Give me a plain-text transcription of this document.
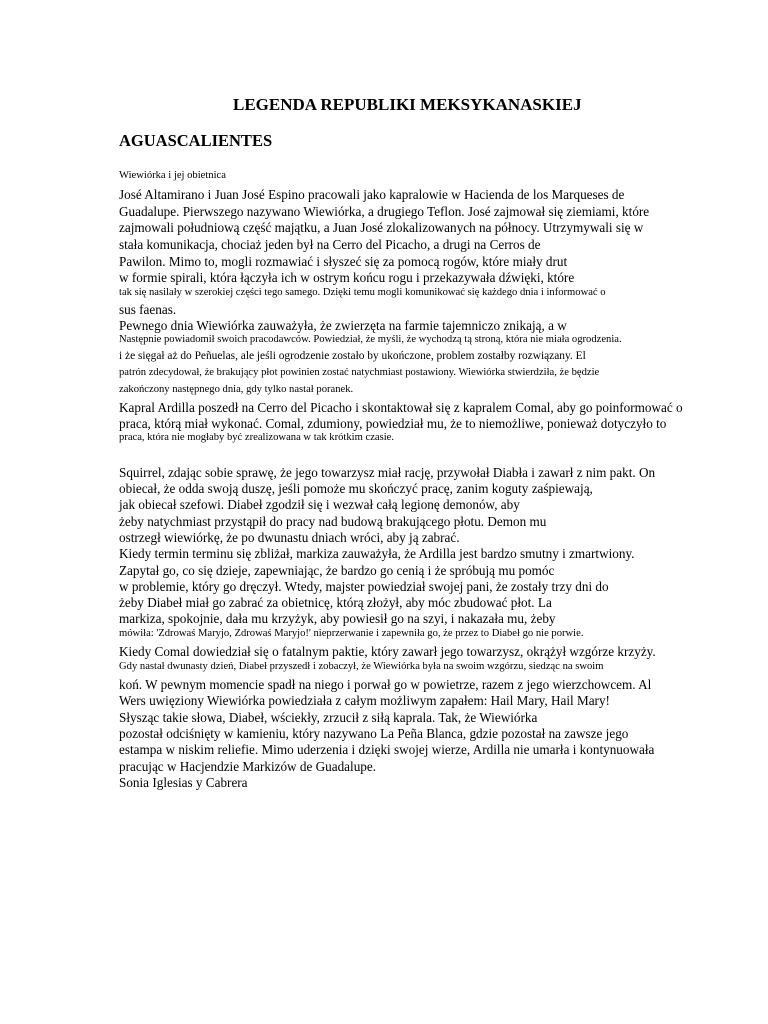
LEGENDA REPUBLIKI MEKSYKANASKIEJ
AGUASCALIENTES
Wiewiórka i jej obietnica
José Altamirano i Juan José Espino pracowali jako kapralowie w Hacienda de los Marqueses de
Guadalupe. Pierwszego nazywano Wiewiórka, a drugiego Teflon. José zajmował się ziemiami, które
zajmowali południową część majątku, a Juan José zlokalizowanych na północy. Utrzymywali się w
stała komunikacja, chociaż jeden był na Cerro del Picacho, a drugi na Cerros de
Pawilon. Mimo to, mogli rozmawiać i słyszeć się za pomocą rogów, które miały drut
w formie spirali, która łączyła ich w ostrym końcu rogu i przekazywała dźwięki, które
tak się nasilały w szerokiej części tego samego. Dzięki temu mogli komunikować się każdego dnia i informować o
sus faenas.
Pewnego dnia Wiewiórka zauważyła, że zwierzęta na farmie tajemniczo znikają, a w
Następnie powiadomił swoich pracodawców. Powiedział, że myśli, że wychodzą tą stroną, która nie miała ogrodzenia.
i że sięgał aż do Peñuelas, ale jeśli ogrodzenie zostało by ukończone, problem zostałby rozwiązany. El
patrón zdecydował, że brakujący płot powinien zostać natychmiast postawiony. Wiewiórka stwierdziła, że będzie
zakończony następnego dnia, gdy tylko nastał poranek.
Kapral Ardilla poszedł na Cerro del Picacho i skontaktował się z kapralem Comal, aby go poinformować o
praca, którą miał wykonać. Comal, zdumiony, powiedział mu, że to niemożliwe, ponieważ dotyczyło to
praca, która nie mogłaby być zrealizowana w tak krótkim czasie.
Squirrel, zdając sobie sprawę, że jego towarzysz miał rację, przywołał Diabła i zawarł z nim pakt. On
obiecał, że odda swoją duszę, jeśli pomoże mu skończyć pracę, zanim koguty zaśpiewają,
jak obiecał szefowi. Diabeł zgodził się i wezwał całą legionę demonów, aby
żeby natychmiast przystąpił do pracy nad budową brakującego płotu. Demon mu
ostrzegł wiewiórkę, że po dwunastu dniach wróci, aby ją zabrać.
Kiedy termin terminu się zbliżał, markiza zauważyła, że Ardilla jest bardzo smutny i zmartwiony.
Zapytał go, co się dzieje, zapewniając, że bardzo go cenią i że spróbują mu pomóc
w problemie, który go dręczył. Wtedy, majster powiedział swojej pani, że zostały trzy dni do
żeby Diabeł miał go zabrać za obietnicę, którą złożył, aby móc zbudować płot. La
markiza, spokojnie, dała mu krzyżyk, aby powiesił go na szyi, i nakazała mu, żeby
mówiła: 'Zdrowaś Maryjo, Zdrowaś Maryjo!' nieprzerwanie i zapewniła go, że przez to Diabeł go nie porwie.
Kiedy Comal dowiedział się o fatalnym paktie, który zawarł jego towarzysz, okrążył wzgórze krzyży.
Gdy nastał dwunasty dzień, Diabeł przyszedł i zobaczył, że Wiewiórka była na swoim wzgórzu, siedząc na swoim
koń. W pewnym momencie spadł na niego i porwał go w powietrze, razem z jego wierzchowcem. Al
Wers uwięziony Wiewiórka powiedziała z całym możliwym zapałem: Hail Mary, Hail Mary!
Słysząc takie słowa, Diabeł, wściekły, zrzucił z siłą kaprala. Tak, że Wiewiórka
pozostał odciśnięty w kamieniu, który nazywano La Peña Blanca, gdzie pozostał na zawsze jego
estampa w niskim reliefie. Mimo uderzenia i dzięki swojej wierze, Ardilla nie umarła i kontynuowała
pracując w Hacjendzie Markizów de Guadalupe.
Sonia Iglesias y Cabrera
